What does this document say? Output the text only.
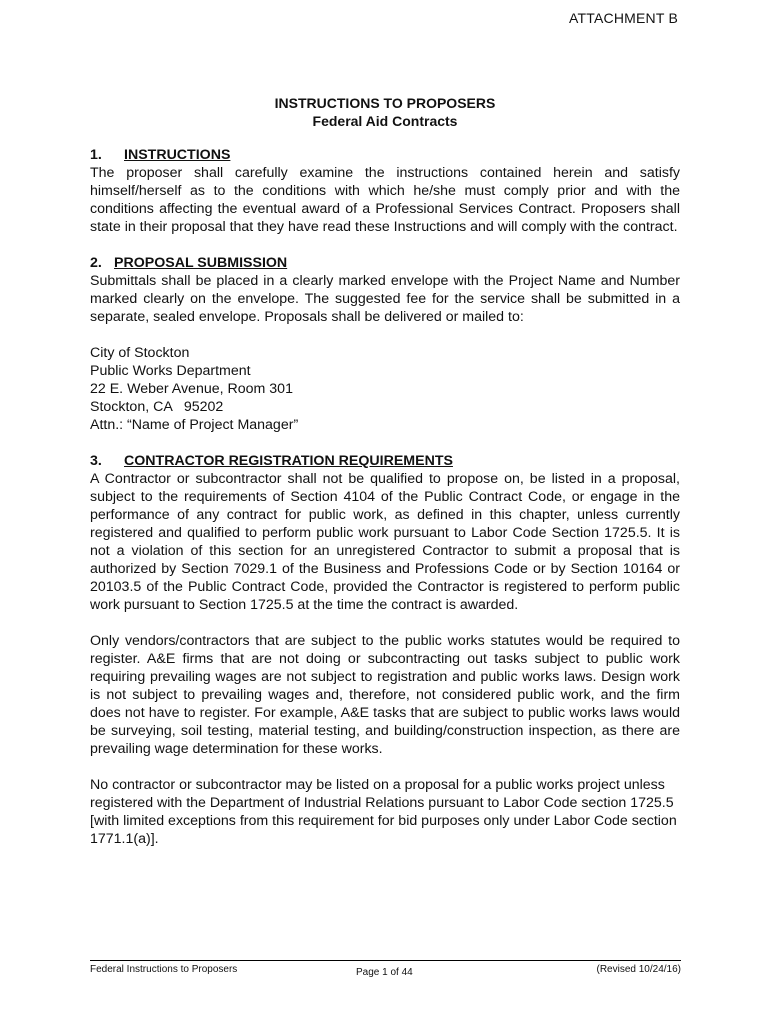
ATTACHMENT B
INSTRUCTIONS TO PROPOSERS
Federal Aid Contracts
1. INSTRUCTIONS

The proposer shall carefully examine the instructions contained herein and satisfy himself/herself as to the conditions with which he/she must comply prior and with the conditions affecting the eventual award of a Professional Services Contract. Proposers shall state in their proposal that they have read these Instructions and will comply with the contract.

2. PROPOSAL SUBMISSION

Submittals shall be placed in a clearly marked envelope with the Project Name and Number marked clearly on the envelope. The suggested fee for the service shall be submitted in a separate, sealed envelope. Proposals shall be delivered or mailed to:

City of Stockton
Public Works Department
22 E. Weber Avenue, Room 301
Stockton, CA   95202
Attn.: “Name of Project Manager”
3. CONTRACTOR REGISTRATION REQUIREMENTS

A Contractor or subcontractor shall not be qualified to propose on, be listed in a proposal, subject to the requirements of Section 4104 of the Public Contract Code, or engage in the performance of any contract for public work, as defined in this chapter, unless currently registered and qualified to perform public work pursuant to Labor Code Section 1725.5. It is not a violation of this section for an unregistered Contractor to submit a proposal that is authorized by Section 7029.1 of the Business and Professions Code or by Section 10164 or 20103.5 of the Public Contract Code, provided the Contractor is registered to perform public work pursuant to Section 1725.5 at the time the contract is awarded.

Only vendors/contractors that are subject to the public works statutes would be required to register. A&E firms that are not doing or subcontracting out tasks subject to public work requiring prevailing wages are not subject to registration and public works laws. Design work is not subject to prevailing wages and, therefore, not considered public work, and the firm does not have to register. For example, A&E tasks that are subject to public works laws would be surveying, soil testing, material testing, and building/construction inspection, as there are prevailing wage determination for these works.

No contractor or subcontractor may be listed on a proposal for a public works project unless registered with the Department of Industrial Relations pursuant to Labor Code section 1725.5 [with limited exceptions from this requirement for bid purposes only under Labor Code section 1771.1(a)].

Federal Instructions to Proposers	Page 1 of 44	(Revised 10/24/16)
